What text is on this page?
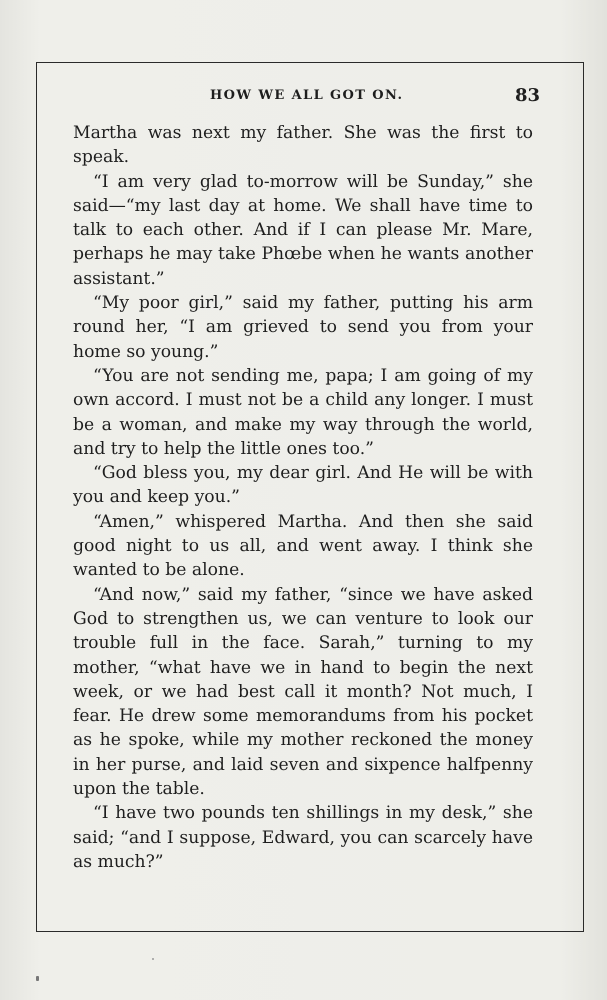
HOW WE ALL GOT ON.	83

Martha was next my father. She was the first to speak.

“I am very glad to-morrow will be Sunday,” she said—“my last day at home. We shall have time to talk to each other. And if I can please Mr. Mare, perhaps he may take Phœbe when he wants another assistant.”

“My poor girl,” said my father, putting his arm round her, “I am grieved to send you from your home so young.”

“You are not sending me, papa; I am going of my own accord. I must not be a child any longer. I must be a woman, and make my way through the world, and try to help the little ones too.”

“God bless you, my dear girl. And He will be with you and keep you.”

“Amen,” whispered Martha. And then she said good night to us all, and went away. I think she wanted to be alone.

“And now,” said my father, “since we have asked God to strengthen us, we can venture to look our trouble full in the face. Sarah,” turning to my mother, “what have we in hand to begin the next week, or we had best call it month? Not much, I fear. He drew some memorandums from his pocket as he spoke, while my mother reckoned the money in her purse, and laid seven and sixpence halfpenny upon the table.

“I have two pounds ten shillings in my desk,” she said; “and I suppose, Edward, you can scarcely have as much?”
